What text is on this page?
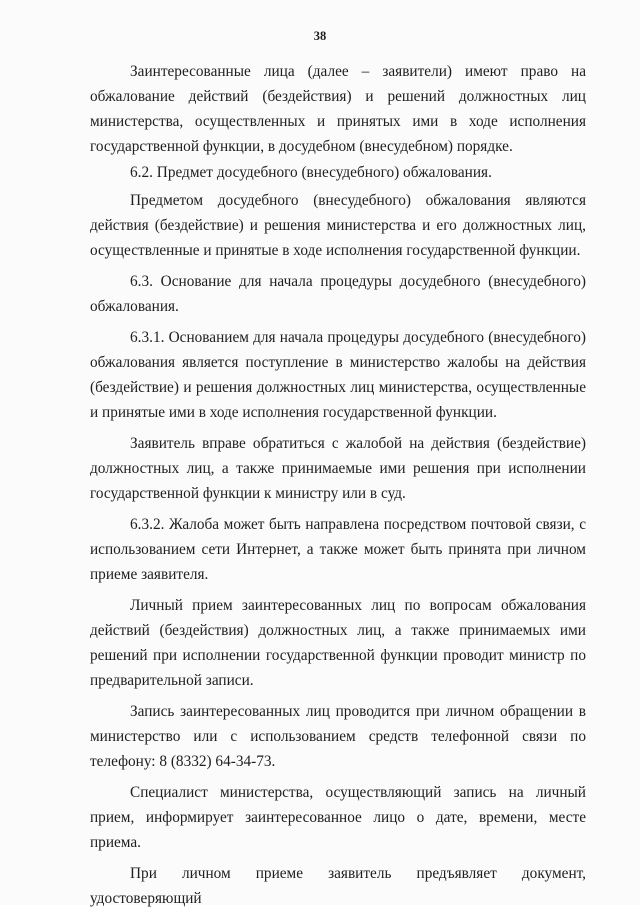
38

Заинтересованные лица (далее – заявители) имеют право на обжалование действий (бездействия) и решений должностных лиц министерства, осуществленных и принятых ими в ходе исполнения государственной функции, в досудебном (внесудебном) порядке.

6.2. Предмет досудебного (внесудебного) обжалования.

Предметом досудебного (внесудебного) обжалования являются действия (бездействие) и решения министерства и его должностных лиц, осуществленные и принятые в ходе исполнения государственной функции.

6.3. Основание для начала процедуры досудебного (внесудебного) обжалования.

6.3.1. Основанием для начала процедуры досудебного (внесудебного) обжалования является поступление в министерство жалобы на действия (бездействие) и решения должностных лиц министерства, осуществленные и принятые ими в ходе исполнения государственной функции.

Заявитель вправе обратиться с жалобой на действия (бездействие) должностных лиц, а также принимаемые ими решения при исполнении государственной функции к министру или в суд.

6.3.2. Жалоба может быть направлена посредством почтовой связи, с использованием сети Интернет, а также может быть принята при личном приеме заявителя.

Личный прием заинтересованных лиц по вопросам обжалования действий (бездействия) должностных лиц, а также принимаемых ими решений при исполнении государственной функции проводит министр по предварительной записи.

Запись заинтересованных лиц проводится при личном обращении в министерство или с использованием средств телефонной связи по телефону: 8 (8332) 64-34-73.

Специалист министерства, осуществляющий запись на личный прием, информирует заинтересованное лицо о дате, времени, месте приема.

При личном приеме заявитель предъявляет документ, удостоверяющий
